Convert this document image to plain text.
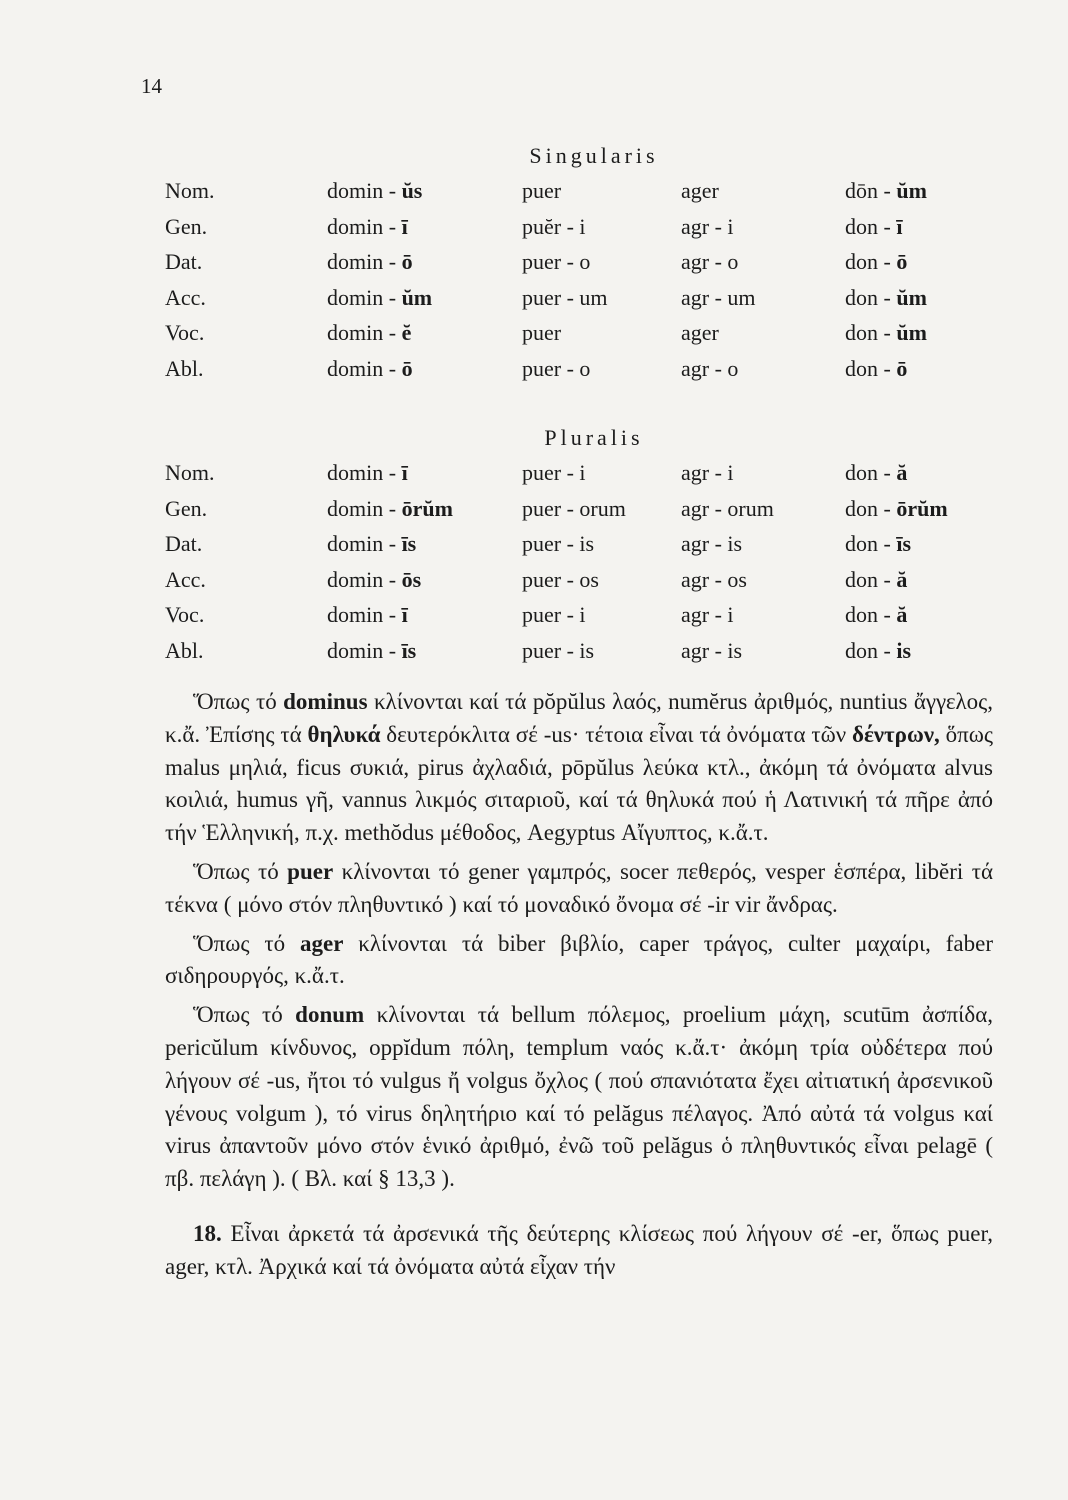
14
Singularis
Nom.	domin - ŭs	puer	ager	dōn - ŭm
Gen.	domin - ī	puĕr - i	agr - i	don - ī
Dat.	domin - ō	puer - o	agr - o	don - ō
Acc.	domin - ŭm	puer - um	agr - um	don - ŭm
Voc.	domin - ĕ	puer	ager	don - ŭm
Abl.	domin - ō	puer - o	agr - o	don - ō
Pluralis
Nom.	domin - ī	puer - i	agr - i	don - ă
Gen.	domin - ōrŭm	puer - orum	agr - orum	don - ōrŭm
Dat.	domin - īs	puer - is	agr - is	don - īs
Acc.	domin - ōs	puer - os	agr - os	don - ă
Voc.	domin - ī	puer - i	agr - i	don - ă
Abl.	domin - īs	puer - is	agr - is	don - is

Ὅπως τό dominus κλίνονται καί τά pŏpŭlus λαός, numĕrus ἀριθμός, nuntius ἄγγελος, κ.ἄ. Ἐπίσης τά θηλυκά δευτερόκλιτα σέ -us· τέτοια εἶναι τά ὀνόματα τῶν δέντρων, ὅπως malus μηλιά, ficus συκιά, pirus ἀχλαδιά, pōpŭlus λεύκα κτλ., ἀκόμη τά ὀνόματα alvus κοιλιά, humus γῆ, vannus λικμός σιταριοῦ, καί τά θηλυκά πού ἡ Λατινική τά πῆρε ἀπό τήν Ἑλληνική, π.χ. methŏdus μέθοδος, Aegyptus Αἴγυπτος, κ.ἄ.τ.

Ὅπως τό puer κλίνονται τό gener γαμπρός, socer πεθερός, vesper ἑσπέρα, libĕri τά τέκνα ( μόνο στόν πληθυντικό ) καί τό μοναδικό ὄνομα σέ -ir vir ἄνδρας.

Ὅπως τό ager κλίνονται τά biber βιβλίο, caper τράγος, culter μαχαίρι, faber σιδηρουργός, κ.ἄ.τ.

Ὅπως τό donum κλίνονται τά bellum πόλεμος, proelium μάχη, scutūm ἀσπίδα, pericŭlum κίνδυνος, oppĭdum πόλη, templum ναός κ.ἄ.τ· ἀκόμη τρία οὐδέτερα πού λήγουν σέ -us, ἤτοι τό vulgus ἤ volgus ὄχλος ( πού σπανιότατα ἔχει αἰτιατική ἀρσενικοῦ γένους volgum ), τό virus δηλητήριο καί τό pelăgus πέλαγος. Ἀπό αὐτά τά volgus καί virus ἀπαντοῦν μόνο στόν ἑνικό ἀριθμό, ἐνῶ τοῦ pelăgus ὁ πληθυντικός εἶναι pelagē ( πβ. πελάγη ). ( Βλ. καί § 13,3 ).

18. Εἶναι ἀρκετά τά ἀρσενικά τῆς δεύτερης κλίσεως πού λήγουν σέ -er, ὅπως puer, ager, κτλ. Ἀρχικά καί τά ὀνόματα αὐτά εἶχαν τήν
